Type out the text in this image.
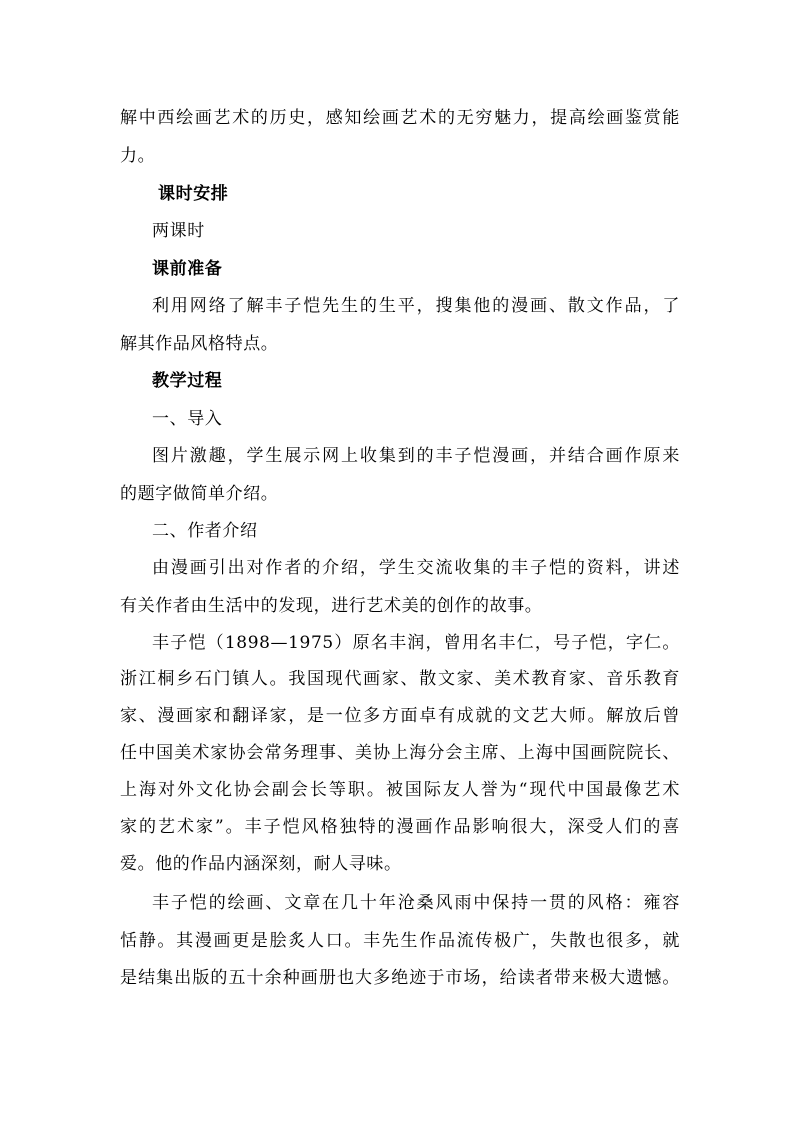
解中西绘画艺术的历史，感知绘画艺术的无穷魅力，提高绘画鉴赏能
力。
课时安排
两课时
课前准备
利用网络了解丰子恺先生的生平，搜集他的漫画、散文作品，了
解其作品风格特点。
教学过程
一、导入
图片激趣，学生展示网上收集到的丰子恺漫画，并结合画作原来
的题字做简单介绍。
二、作者介绍
由漫画引出对作者的介绍，学生交流收集的丰子恺的资料，讲述
有关作者由生活中的发现，进行艺术美的创作的故事。
丰子恺（1898—1975）原名丰润，曾用名丰仁，号子恺，字仁。
浙江桐乡石门镇人。我国现代画家、散文家、美术教育家、音乐教育
家、漫画家和翻译家，是一位多方面卓有成就的文艺大师。解放后曾
任中国美术家协会常务理事、美协上海分会主席、上海中国画院院长、
上海对外文化协会副会长等职。被国际友人誉为“现代中国最像艺术
家的艺术家”。丰子恺风格独特的漫画作品影响很大，深受人们的喜
爱。他的作品内涵深刻，耐人寻味。
丰子恺的绘画、文章在几十年沧桑风雨中保持一贯的风格：雍容
恬静。其漫画更是脍炙人口。丰先生作品流传极广，失散也很多，就
是结集出版的五十余种画册也大多绝迹于市场，给读者带来极大遗憾。
